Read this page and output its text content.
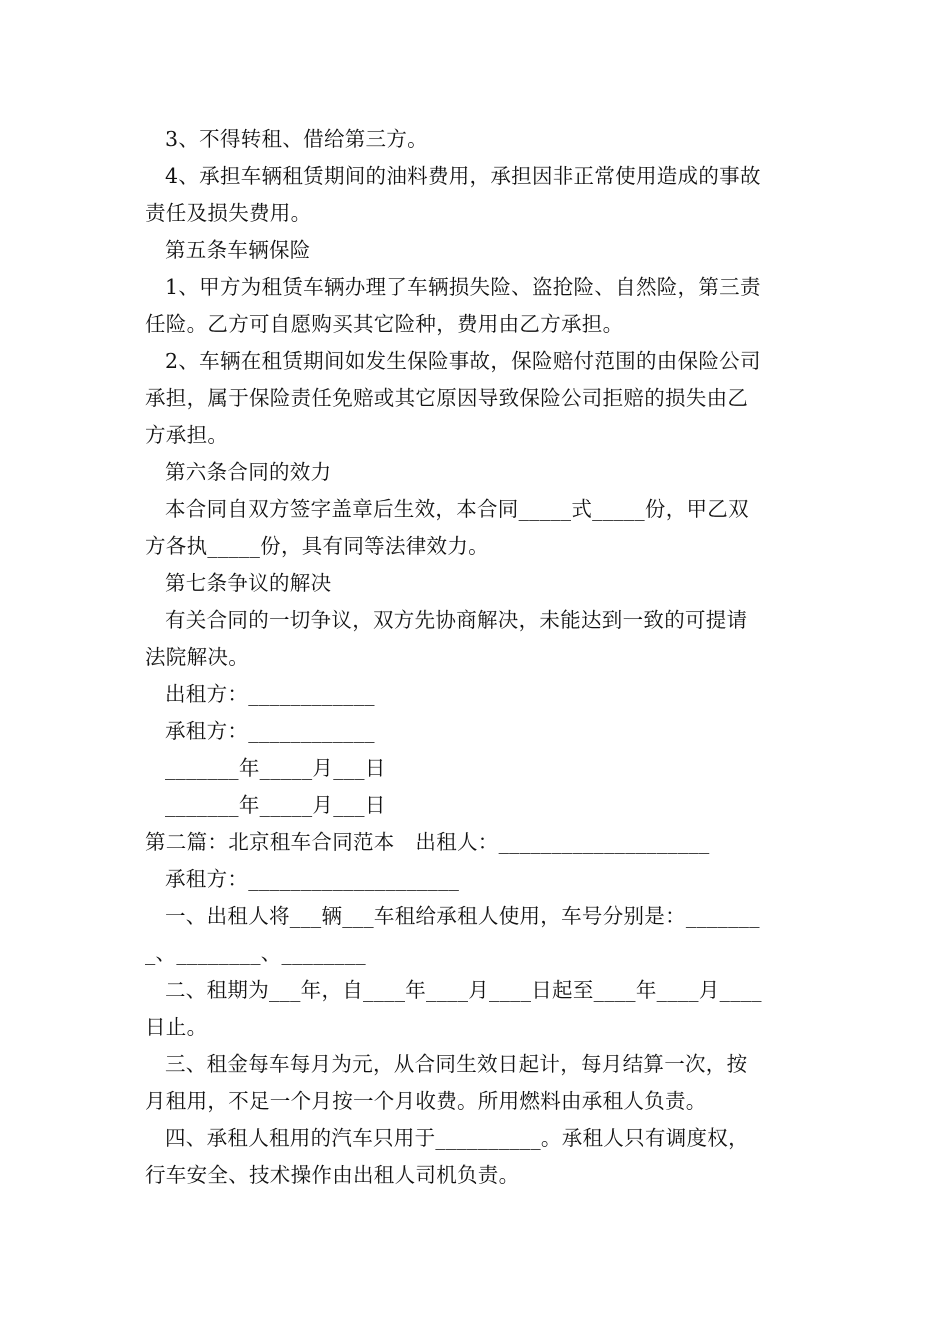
3、不得转租、借给第三方。
4、承担车辆租赁期间的油料费用，承担因非正常使用造成的事故
责任及损失费用。
第五条车辆保险
1、甲方为租赁车辆办理了车辆损失险、盗抢险、自然险，第三责
任险。乙方可自愿购买其它险种，费用由乙方承担。
2、车辆在租赁期间如发生保险事故，保险赔付范围的由保险公司
承担，属于保险责任免赔或其它原因导致保险公司拒赔的损失由乙
方承担。
第六条合同的效力
本合同自双方签字盖章后生效，本合同_____式_____份，甲乙双
方各执_____份，具有同等法律效力。
第七条争议的解决
有关合同的一切争议，双方先协商解决，未能达到一致的可提请
法院解决。
出租方：____________
承租方：____________
_______年_____月___日
_______年_____月___日
第二篇：北京租车合同范本　出租人：____________________
承租方：____________________
一、出租人将___辆___车租给承租人使用，车号分别是：_______
_、________、________
二、租期为___年，自____年____月____日起至____年____月____
日止。
三、租金每车每月为元，从合同生效日起计，每月结算一次，按
月租用，不足一个月按一个月收费。所用燃料由承租人负责。
四、承租人租用的汽车只用于__________。承租人只有调度权，
行车安全、技术操作由出租人司机负责。
